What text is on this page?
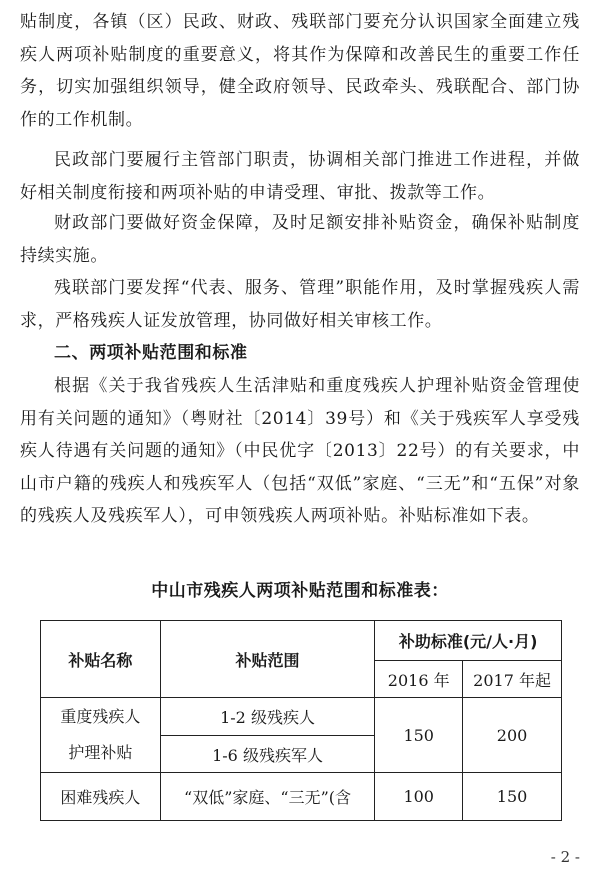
贴制度，各镇（区）民政、财政、残联部门要充分认识国家全面建立残疾人两项补贴制度的重要意义，将其作为保障和改善民生的重要工作任务，切实加强组织领导，健全政府领导、民政牵头、残联配合、部门协作的工作机制。

民政部门要履行主管部门职责，协调相关部门推进工作进程，并做好相关制度衔接和两项补贴的申请受理、审批、拨款等工作。

财政部门要做好资金保障，及时足额安排补贴资金，确保补贴制度持续实施。

残联部门要发挥“代表、服务、管理”职能作用，及时掌握残疾人需求，严格残疾人证发放管理，协同做好相关审核工作。

二、两项补贴范围和标准

根据《关于我省残疾人生活津贴和重度残疾人护理补贴资金管理使用有关问题的通知》（粤财社〔2014〕39号）和《关于残疾军人享受残疾人待遇有关问题的通知》（中民优字〔2013〕22号）的有关要求，中山市户籍的残疾人和残疾军人（包括“双低”家庭、“三无”和“五保”对象的残疾人及残疾军人），可申领残疾人两项补贴。补贴标准如下表。

中山市残疾人两项补贴范围和标准表：
补贴名称	补贴范围	补助标准(元/人·月)	
		2016 年	2017 年起
重度残疾人护理补贴	1-2 级残疾人	150	200
	1-6 级残疾军人		
困难残疾人	“双低”家庭、“三无”(含	100	150
- 2 -
